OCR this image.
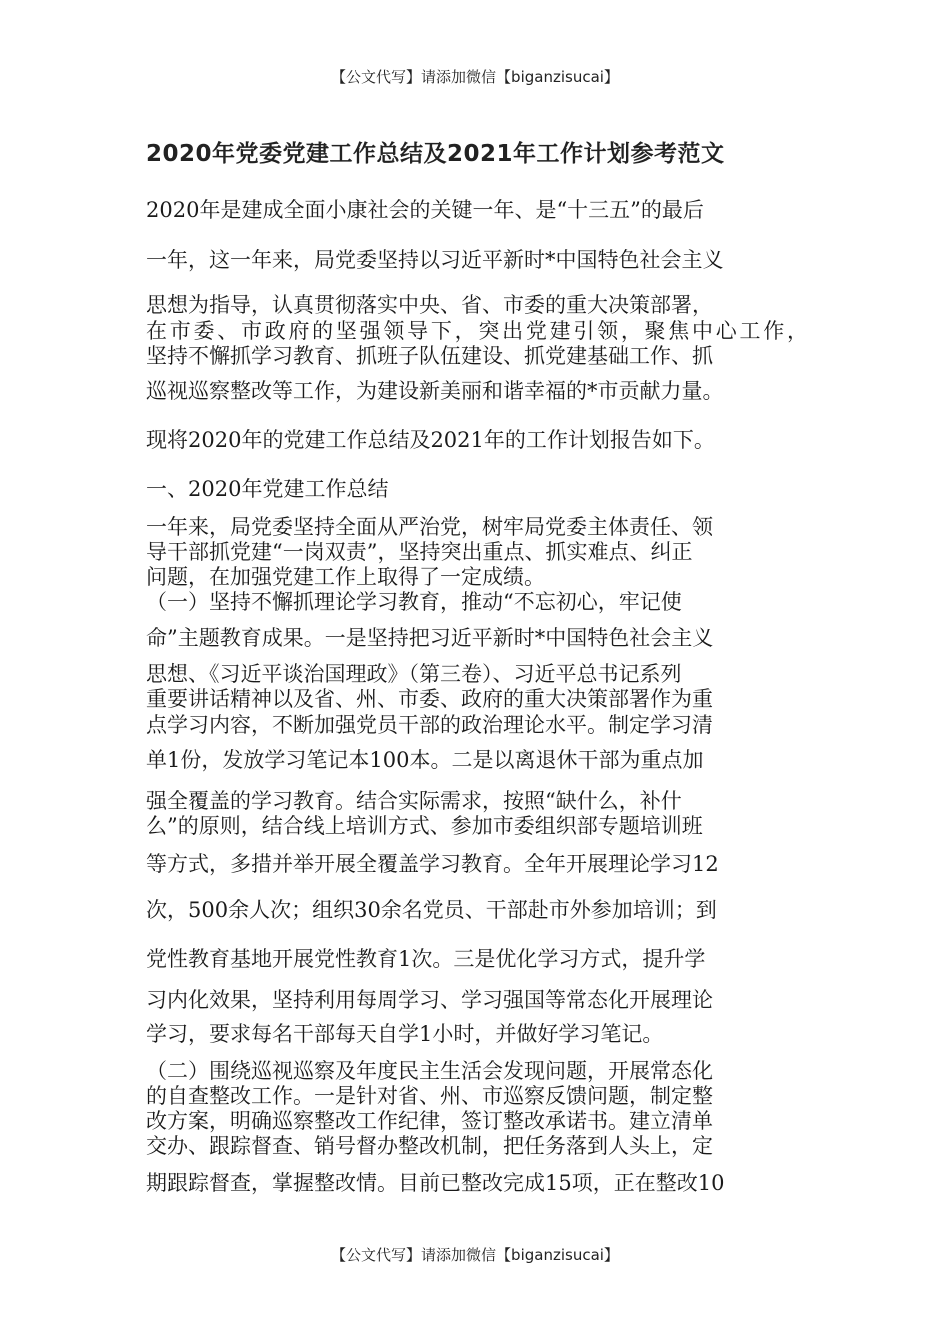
【公文代写】请添加微信【biganzisucai】
2020年党委党建工作总结及2021年工作计划参考范文
2020年是建成全面小康社会的关键一年、是“十三五”的最后
一年，这一年来，局党委坚持以习近平新时*中国特色社会主义
思想为指导，认真贯彻落实中央、省、市委的重大决策部署，
在市委、市政府的坚强领导下，突出党建引领，聚焦中心工作，
坚持不懈抓学习教育、抓班子队伍建设、抓党建基础工作、抓
巡视巡察整改等工作，为建设新美丽和谐幸福的*市贡献力量。
现将2020年的党建工作总结及2021年的工作计划报告如下。
一、2020年党建工作总结
一年来，局党委坚持全面从严治党，树牢局党委主体责任、领
导干部抓党建“一岗双责”，坚持突出重点、抓实难点、纠正
问题，在加强党建工作上取得了一定成绩。
（一）坚持不懈抓理论学习教育，推动“不忘初心，牢记使
命”主题教育成果。一是坚持把习近平新时*中国特色社会主义
思想、《习近平谈治国理政》（第三卷）、习近平总书记系列
重要讲话精神以及省、州、市委、政府的重大决策部署作为重
点学习内容，不断加强党员干部的政治理论水平。制定学习清
单1份，发放学习笔记本100本。二是以离退休干部为重点加
强全覆盖的学习教育。结合实际需求，按照“缺什么，补什
么”的原则，结合线上培训方式、参加市委组织部专题培训班
等方式，多措并举开展全覆盖学习教育。全年开展理论学习12
次，500余人次；组织30余名党员、干部赴市外参加培训；到
党性教育基地开展党性教育1次。三是优化学习方式，提升学
习内化效果，坚持利用每周学习、学习强国等常态化开展理论
学习，要求每名干部每天自学1小时，并做好学习笔记。
（二）围绕巡视巡察及年度民主生活会发现问题，开展常态化
的自查整改工作。一是针对省、州、市巡察反馈问题，制定整
改方案，明确巡察整改工作纪律，签订整改承诺书。建立清单
交办、跟踪督查、销号督办整改机制，把任务落到人头上，定
期跟踪督查，掌握整改情。目前已整改完成15项，正在整改10
【公文代写】请添加微信【biganzisucai】
